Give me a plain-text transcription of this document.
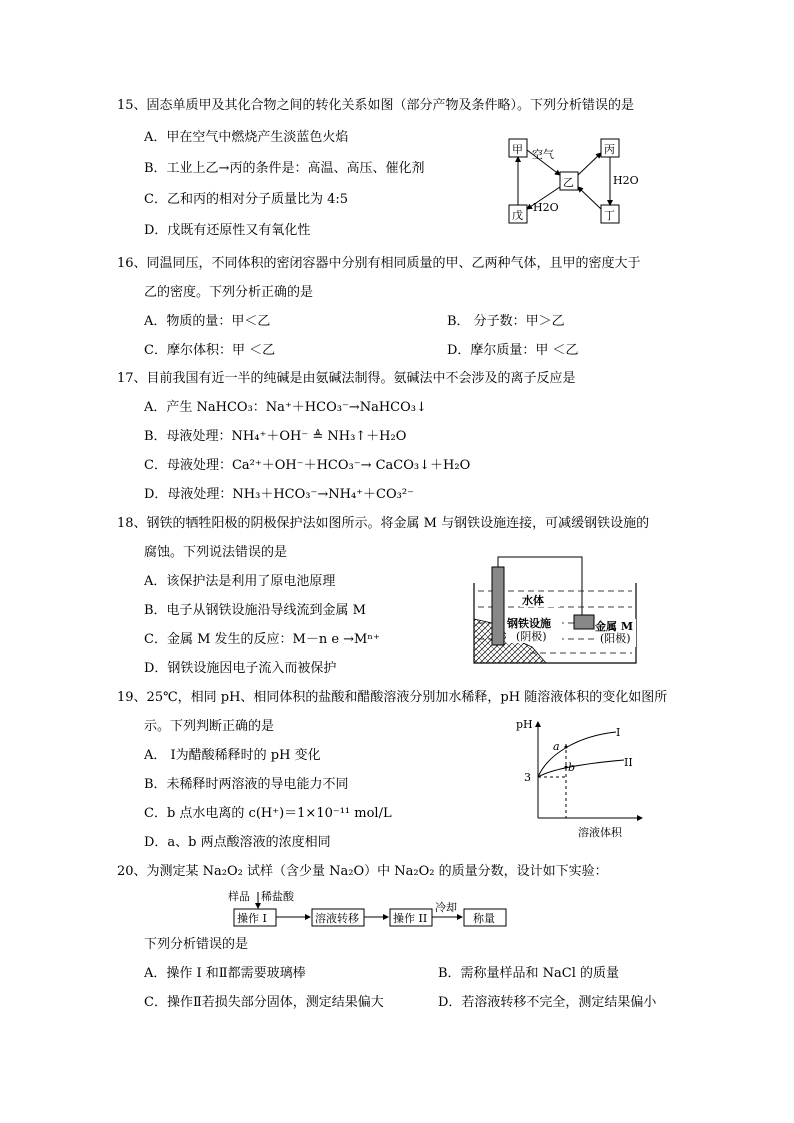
15、固态单质甲及其化合物之间的转化关系如图（部分产物及条件略）。下列分析错误的是
A．甲在空气中燃烧产生淡蓝色火焰
B．工业上乙→丙的条件是：高温、高压、催化剂
C．乙和丙的相对分子质量比为 4:5
D．戊既有还原性又有氧化性
甲
乙
丙
丁
戊
空气
H2O
H2O
16、同温同压，不同体积的密闭容器中分别有相同质量的甲、乙两种气体，且甲的密度大于
乙的密度。下列分析正确的是
A．物质的量：甲＜乙	B． 分子数：甲＞乙
C．摩尔体积：甲 ＜乙	D．摩尔质量：甲 ＜乙
17、目前我国有近一半的纯碱是由氨碱法制得。氨碱法中不会涉及的离子反应是
A．产生 NaHCO₃：Na⁺＋HCO₃⁻→NaHCO₃↓
B．母液处理：NH₄⁺＋OH⁻ ≜ NH₃↑＋H₂O
C．母液处理：Ca²⁺＋OH⁻＋HCO₃⁻→ CaCO₃↓＋H₂O
D．母液处理：NH₃＋HCO₃⁻→NH₄⁺＋CO₃²⁻
18、钢铁的牺牲阳极的阴极保护法如图所示。将金属 M 与钢铁设施连接，可减缓钢铁设施的
腐蚀。下列说法错误的是
A．该保护法是利用了原电池原理
B．电子从钢铁设施沿导线流到金属 M
C．金属 M 发生的反应：M－n e →Mⁿ⁺
D．钢铁设施因电子流入而被保护
水体
钢铁设施
(阴极)
金属 M
(阳极)
19、25℃，相同 pH、相同体积的盐酸和醋酸溶液分别加水稀释，pH 随溶液体积的变化如图所
示。下列判断正确的是
A． Ⅰ为醋酸稀释时的 pH 变化
B．未稀释时两溶液的导电能力不同
C．b 点水电离的 c(H⁺)＝1×10⁻¹¹ mol/L
D．a、b 两点酸溶液的浓度相同
pH
溶液体积
3
a
b
I
II
20、为测定某 Na₂O₂ 试样（含少量 Na₂O）中 Na₂O₂ 的质量分数，设计如下实验：
样品 稀盐酸
操作 I	溶液转移	操作 II
冷却
称量
下列分析错误的是
A．操作 I 和Ⅱ都需要玻璃棒	B．需称量样品和 NaCl 的质量
C．操作Ⅱ若损失部分固体，测定结果偏大	D．若溶液转移不完全，测定结果偏小
